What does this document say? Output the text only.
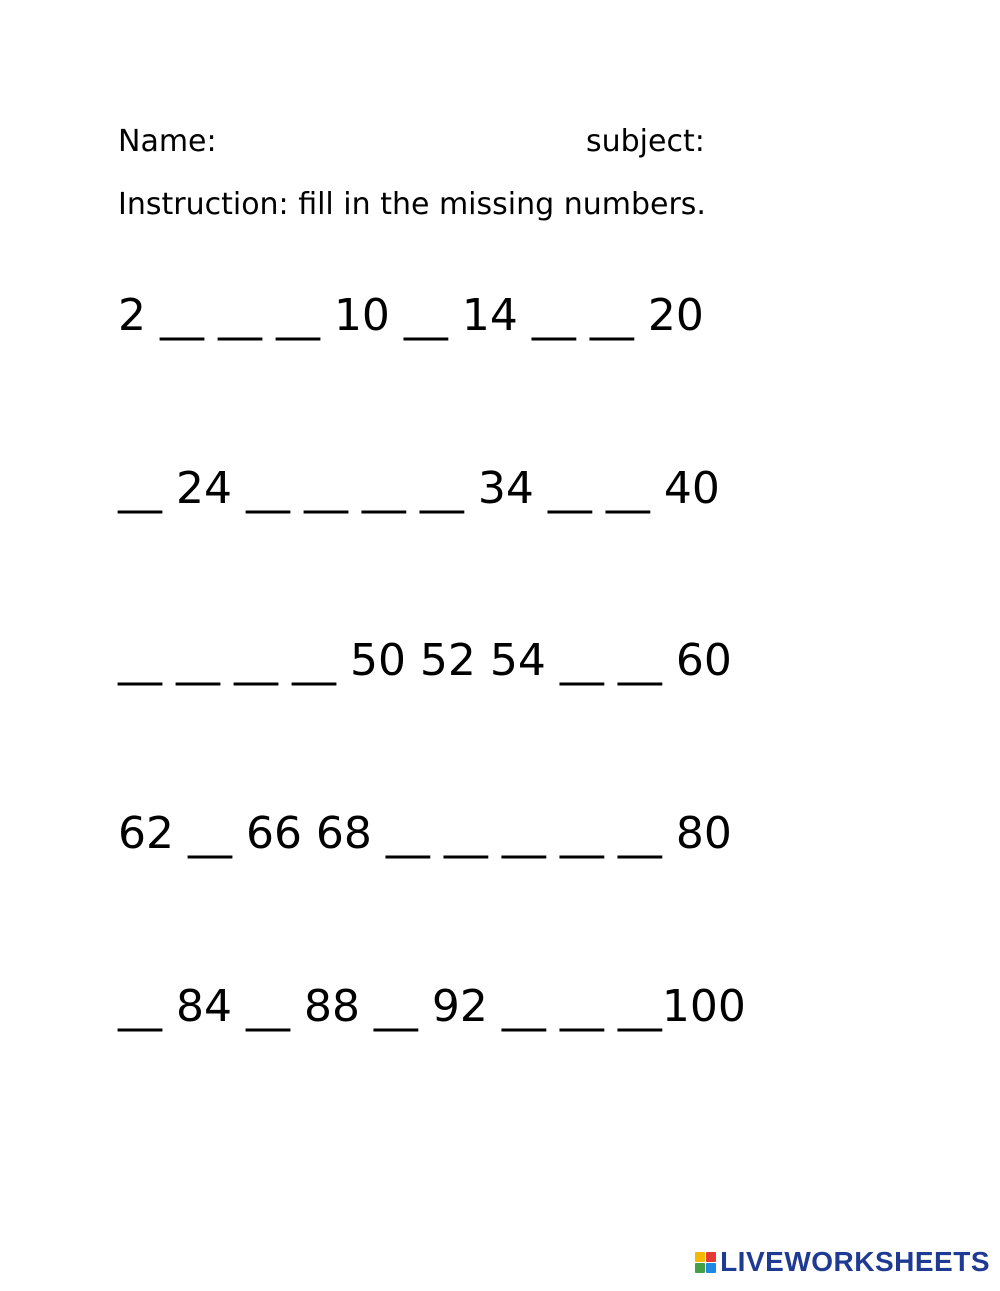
Name:	subject:
Instruction: fill in the missing numbers.
2 __ __ __ 10 __ 14 __ __ 20
__ 24 __ __ __ __ 34 __ __ 40
__ __ __ __ 50 52 54 __ __ 60
62 __ 66 68 __ __ __ __ __ 80
__ 84 __ 88 __ 92 __ __ __100
LIVEWORKSHEETS
